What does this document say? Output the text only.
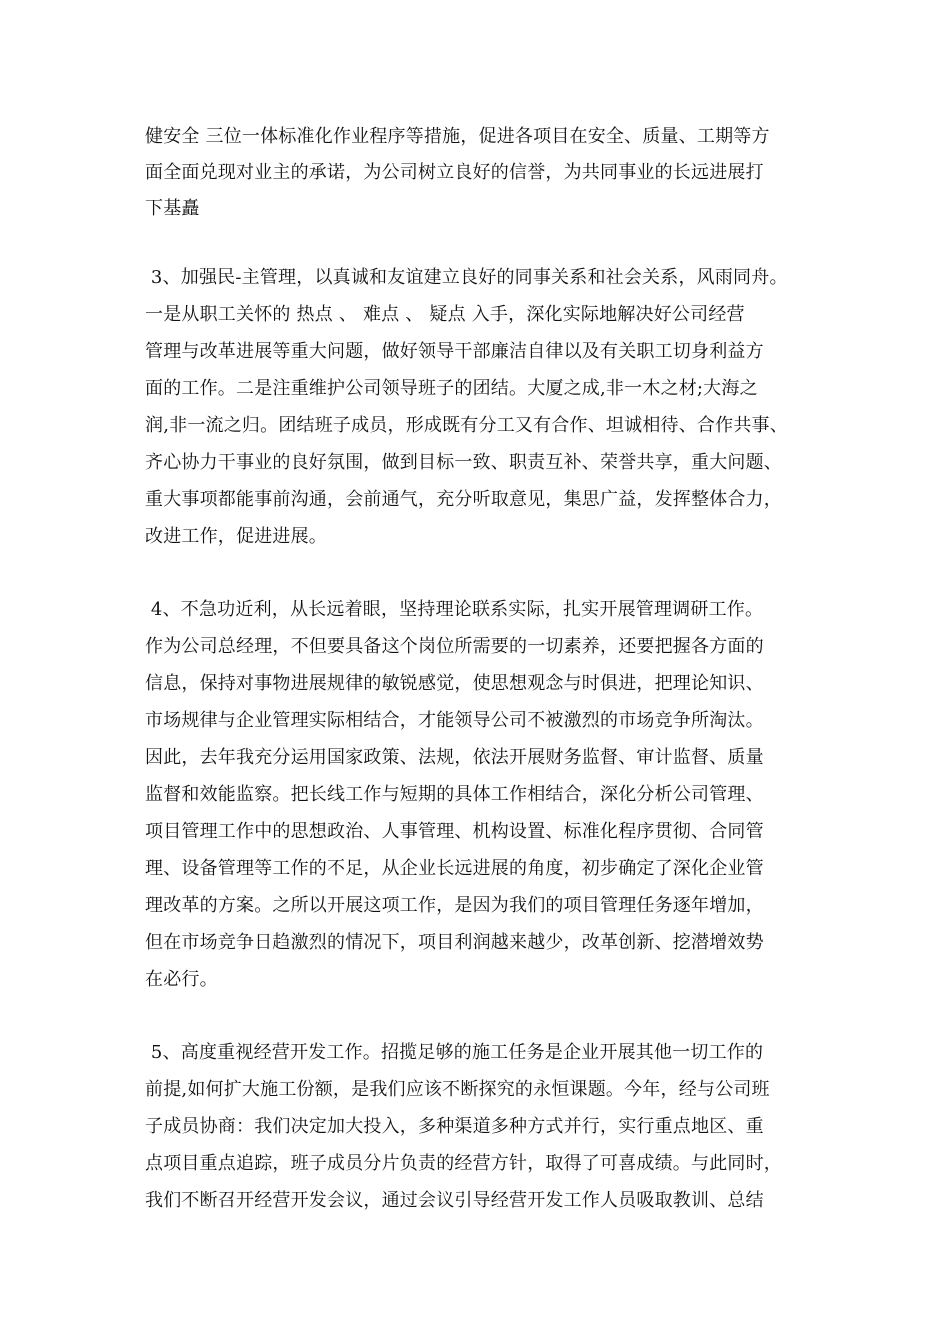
健安全 三位一体标准化作业程序等措施，促进各项目在安全、质量、工期等方
面全面兑现对业主的承诺，为公司树立良好的信誉，为共同事业的长远进展打
下基矗
3、加强民-主管理，以真诚和友谊建立良好的同事关系和社会关系，风雨同舟。
一是从职工关怀的 热点 、 难点 、 疑点 入手，深化实际地解决好公司经营
管理与改革进展等重大问题，做好领导干部廉洁自律以及有关职工切身利益方
面的工作。二是注重维护公司领导班子的团结。大厦之成,非一木之材;大海之
润,非一流之归。团结班子成员，形成既有分工又有合作、坦诚相待、合作共事、
齐心协力干事业的良好氛围，做到目标一致、职责互补、荣誉共享，重大问题、
重大事项都能事前沟通，会前通气，充分听取意见，集思广益，发挥整体合力，
改进工作，促进进展。
4、不急功近利，从长远着眼，坚持理论联系实际，扎实开展管理调研工作。
作为公司总经理，不但要具备这个岗位所需要的一切素养，还要把握各方面的
信息，保持对事物进展规律的敏锐感觉，使思想观念与时俱进，把理论知识、
市场规律与企业管理实际相结合，才能领导公司不被激烈的市场竞争所淘汰。
因此，去年我充分运用国家政策、法规，依法开展财务监督、审计监督、质量
监督和效能监察。把长线工作与短期的具体工作相结合，深化分析公司管理、
项目管理工作中的思想政治、人事管理、机构设置、标准化程序贯彻、合同管
理、设备管理等工作的不足，从企业长远进展的角度，初步确定了深化企业管
理改革的方案。之所以开展这项工作，是因为我们的项目管理任务逐年增加，
但在市场竞争日趋激烈的情况下，项目利润越来越少，改革创新、挖潜增效势
在必行。
5、高度重视经营开发工作。招揽足够的施工任务是企业开展其他一切工作的
前提,如何扩大施工份额，是我们应该不断探究的永恒课题。今年，经与公司班
子成员协商：我们决定加大投入，多种渠道多种方式并行，实行重点地区、重
点项目重点追踪，班子成员分片负责的经营方针，取得了可喜成绩。与此同时，
我们不断召开经营开发会议，通过会议引导经营开发工作人员吸取教训、总结
